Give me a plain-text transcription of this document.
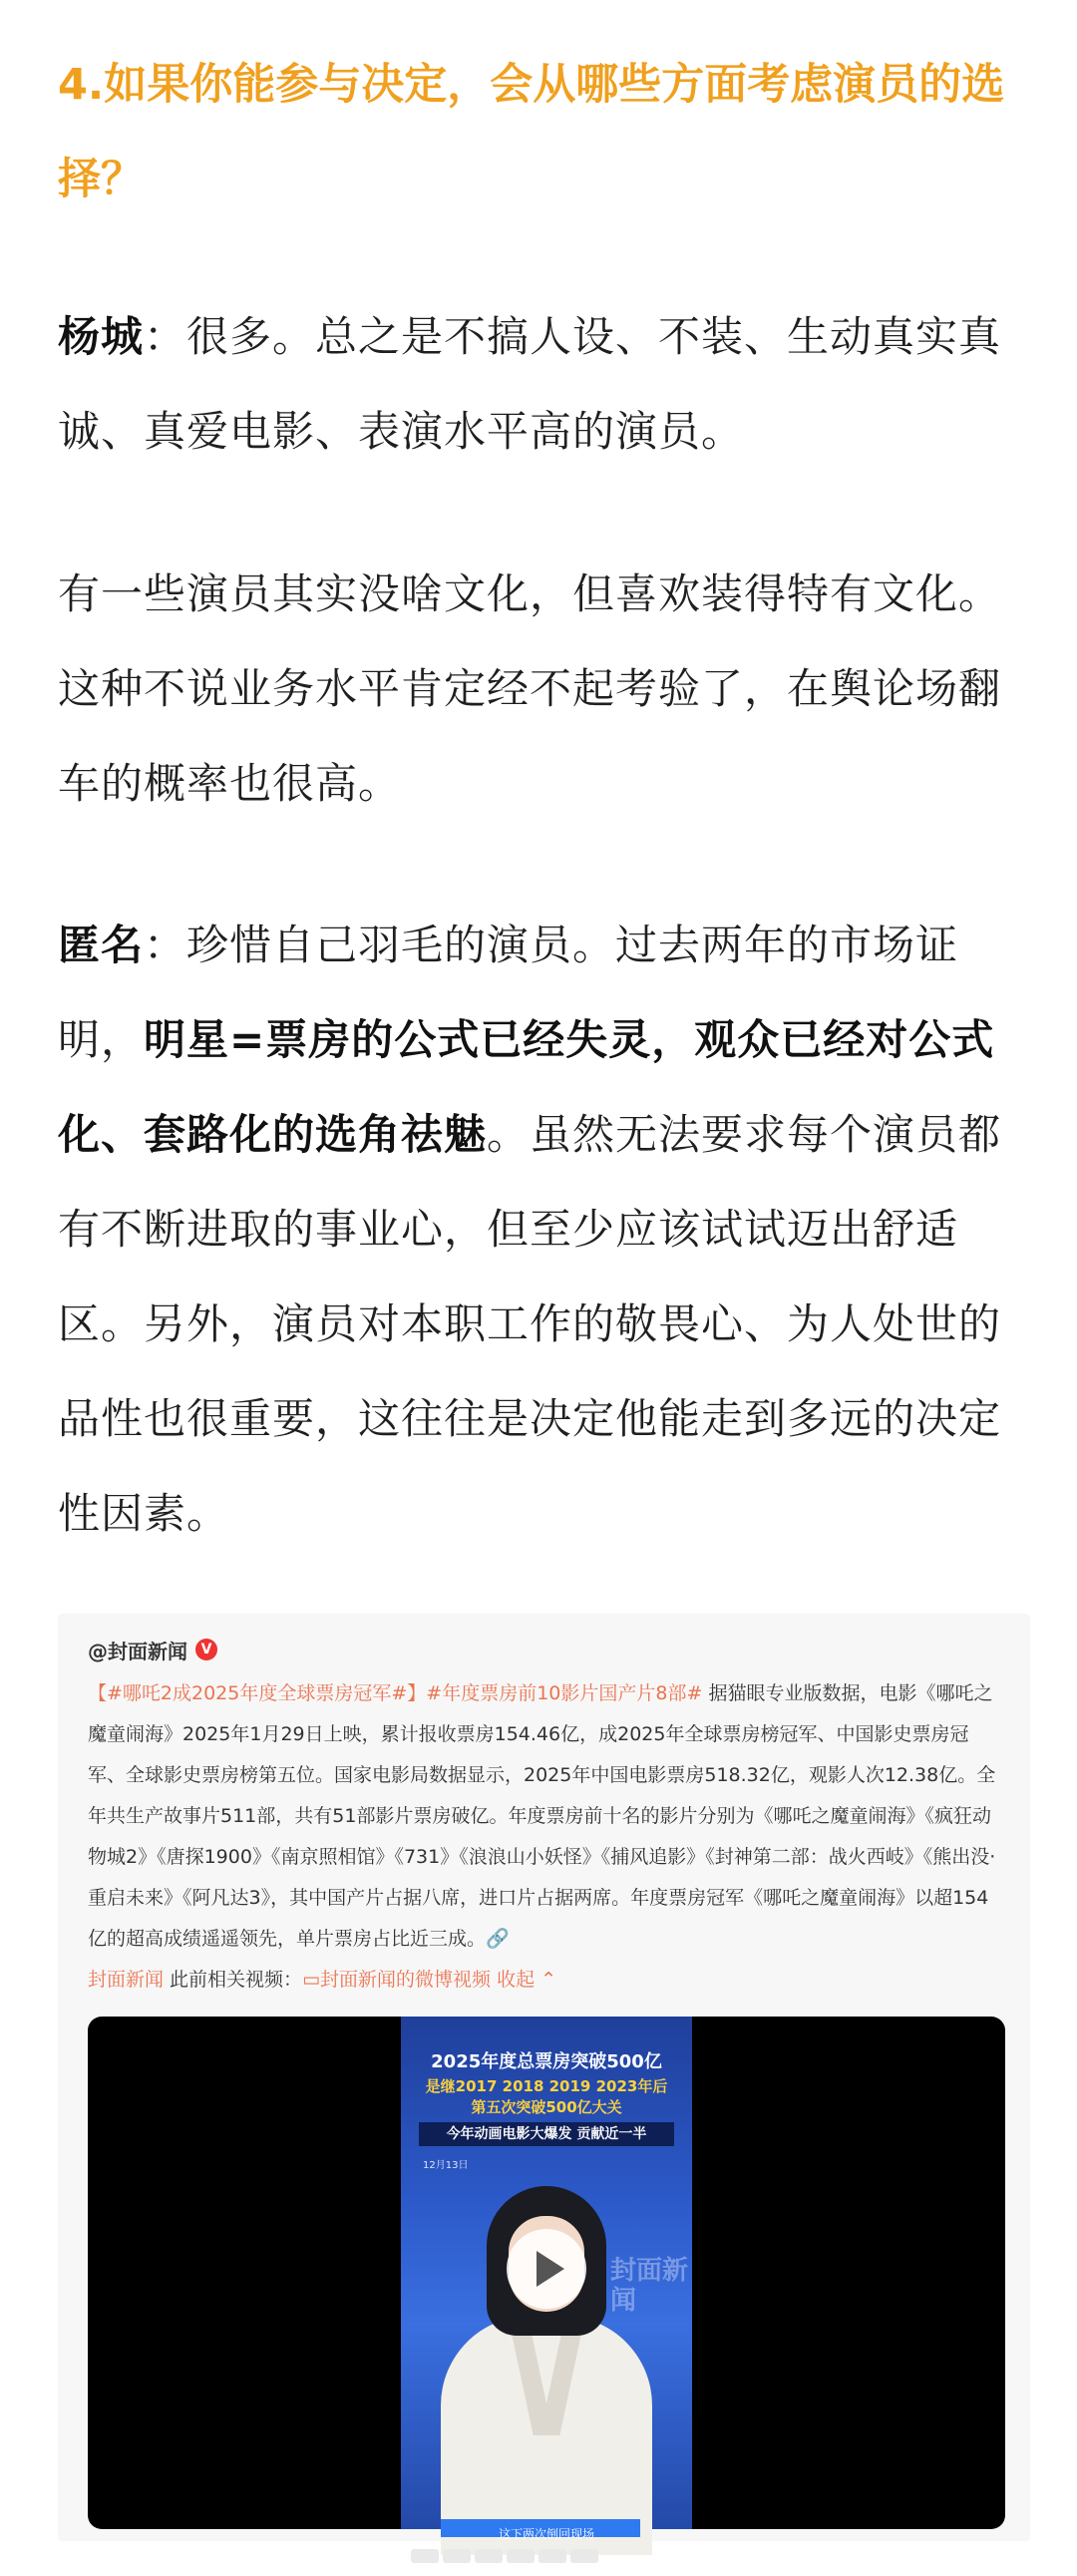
4.如果你能参与决定，会从哪些方面考虑演员的选择？

杨城：很多。总之是不搞人设、不装、生动真实真诚、真爱电影、表演水平高的演员。

有一些演员其实没啥文化，但喜欢装得特有文化。这种不说业务水平肯定经不起考验了，在舆论场翻车的概率也很高。

匿名：珍惜自己羽毛的演员。过去两年的市场证明，明星=票房的公式已经失灵，观众已经对公式化、套路化的选角祛魅。虽然无法要求每个演员都有不断进取的事业心，但至少应该试试迈出舒适区。另外，演员对本职工作的敬畏心、为人处世的品性也很重要，这往往是决定他能走到多远的决定性因素。

@封面新闻 V

【#哪吒2成2025年度全球票房冠军#】#年度票房前10影片国产片8部# 据猫眼专业版数据，电影《哪吒之魔童闹海》2025年1月29日上映，累计报收票房154.46亿，成2025年全球票房榜冠军、中国影史票房冠军、全球影史票房榜第五位。国家电影局数据显示，2025年中国电影票房518.32亿，观影人次12.38亿。全年共生产故事片511部，共有51部影片票房破亿。年度票房前十名的影片分别为《哪吒之魔童闹海》《疯狂动物城2》《唐探1900》《南京照相馆》《731》《浪浪山小妖怪》《捕风追影》《封神第二部：战火西岐》《熊出没·重启未来》《阿凡达3》，其中国产片占据八席，进口片占据两席。年度票房冠军《哪吒之魔童闹海》以超154亿的超高成绩遥遥领先，单片票房占比近三成。🔗
封面新闻 此前相关视频：▭封面新闻的微博视频 收起 ⌃

2025年度总票房突破500亿
是继2017 2018 2019 2023年后
第五次突破500亿大关
今年动画电影大爆发 贡献近一半
12月13日
封面新闻
这下两次倒回现场
